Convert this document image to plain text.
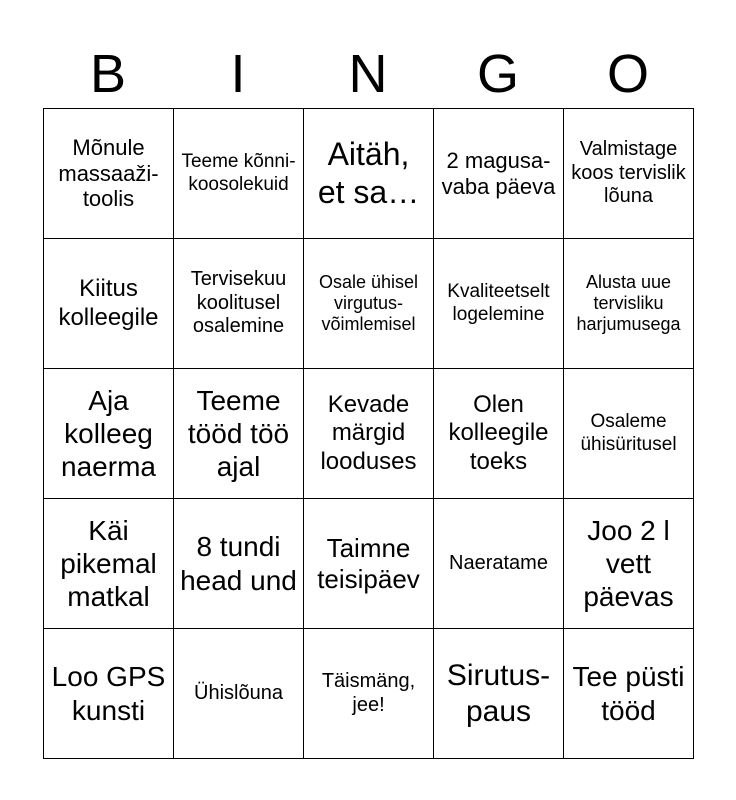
B	I	N	G	O
Mõnule massaaži-toolis	Teeme kõnni-koosolekuid	Aitäh, et sa…	2 magusa-vaba päeva	Valmistage koos tervislik lõuna

Kiitus kolleegile	Tervisekuu koolitusel osalemine	Osale ühisel virgutus-võimlemisel	Kvaliteetselt logelemine	Alusta uue tervisliku harjumusega

Aja kolleeg naerma	Teeme tööd töö ajal	Kevade märgid looduses	Olen kolleegile toeks	Osaleme ühisüritusel

Käi pikemal matkal	8 tundi head und	Taimne teisipäev	Naeratame	Joo 2 l vett päevas

Loo GPS kunsti	Ühislõuna	Täismäng, jee!	Sirutus-paus	Tee püsti tööd
